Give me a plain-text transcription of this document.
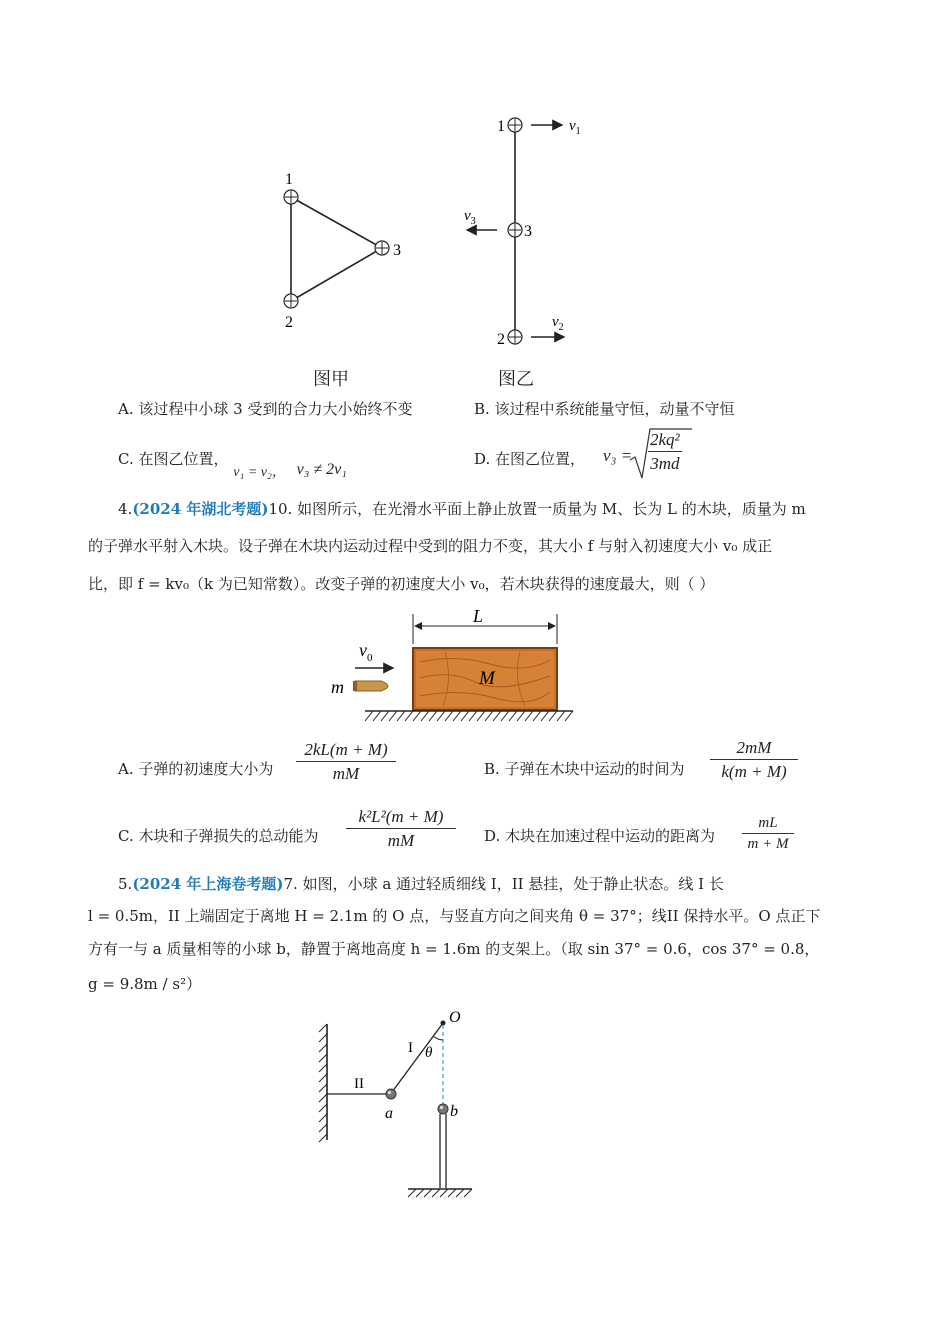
1
2
3
图甲
1
3
2
$v_1$
$v_3$
$v_2$
图乙
A. 该过程中小球 3 受到的合力大小始终不变	B. 该过程中系统能量守恒，动量不守恒
C. 在图乙位置， v₁ = v₂， v₃ ≠ 2v₁
D. 在图乙位置， $v_3 = \frac{\text{2kq²}}{3md}$
4.(2024 年湖北考题)10. 如图所示，在光滑水平面上静止放置一质量为 M、长为 L 的木块，质量为 m
的子弹水平射入木块。设子弹在木块内运动过程中受到的阻力不变，其大小 f 与射入初速度大小 v₀ 成正
比，即 f = kv₀（k 为已知常数）。改变子弹的初速度大小 v₀，若木块获得的速度最大，则（ ）
L
M
m
$v_0$
A. 子弹的初速度大小为 $\frac{2kL(m + M)}{mM}$	B. 子弹在木块中运动的时间为 $\frac{2mM}{k(m + M)}$
C. 木块和子弹损失的总动能为 $\frac{\text{k²L²(m + M)}}{mM} D$. 木块在加速过程中运动的距离为 $\frac{mL}{m + M}$
5.(2024 年上海卷考题)7. 如图，小球 a 通过轻质细线 I，II 悬挂，处于静止状态。线 I 长
l = 0.5m，II 上端固定于离地 H = 2.1m 的 O 点，与竖直方向之间夹角 θ = 37°；线II 保持水平。O 点正下
方有一与 a 质量相等的小球 b，静置于离地高度 h = 1.6m 的支架上。（取 sin 37° = 0.6，cos 37° = 0.8，
g = 9.8m / s²）
II
I
O
θ
a	b
